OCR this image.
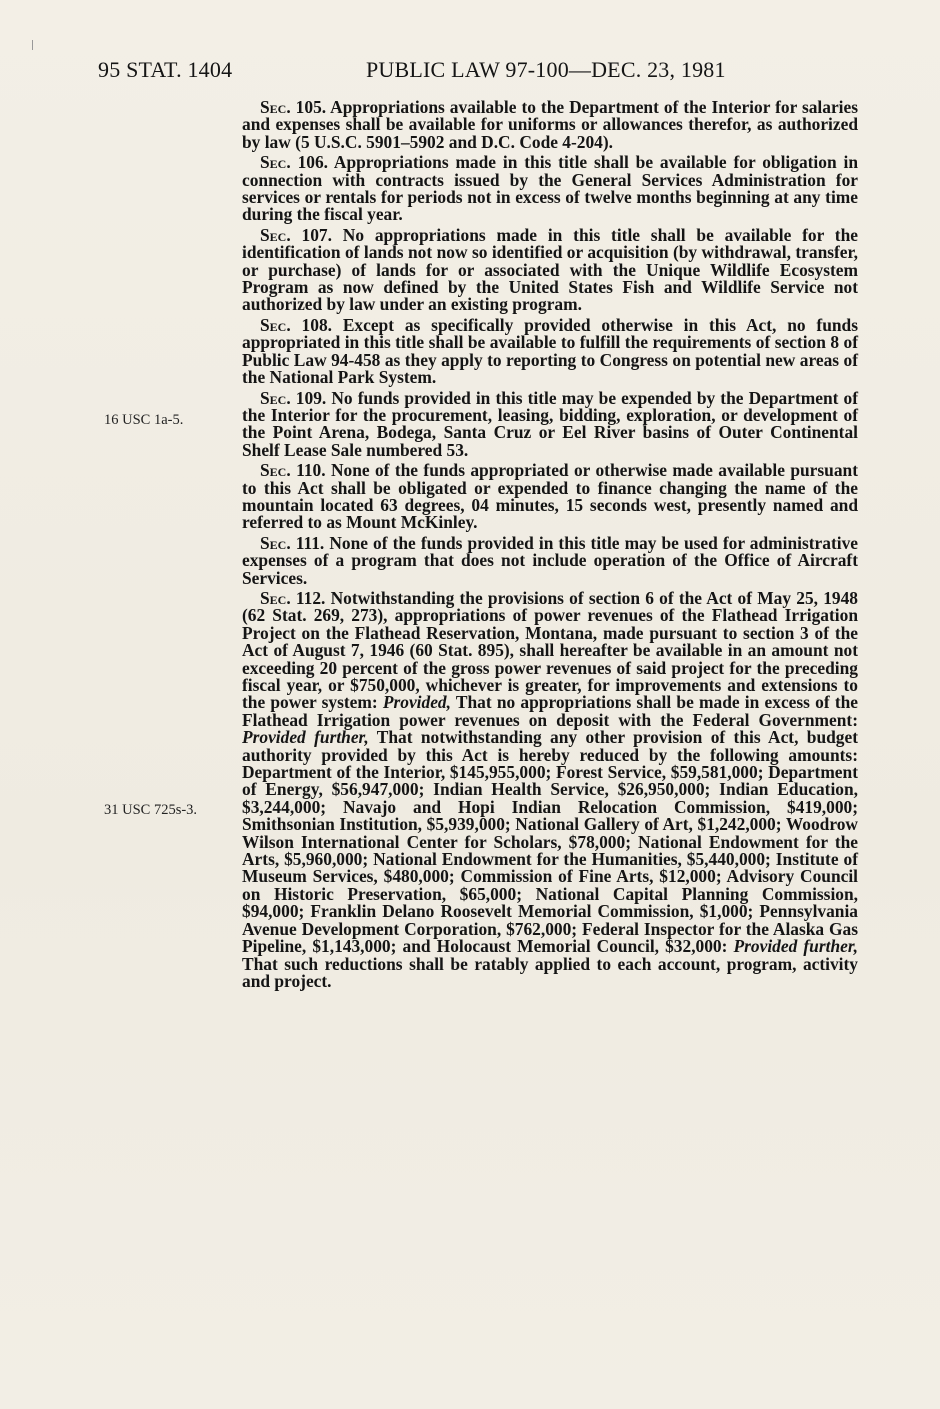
95 STAT. 1404	PUBLIC LAW 97-100—DEC. 23, 1981
16 USC 1a-5.
31 USC 725s-3.

Sec. 105. Appropriations available to the Department of the Interior for salaries and expenses shall be available for uniforms or allowances therefor, as authorized by law (5 U.S.C. 5901–5902 and D.C. Code 4-204).

Sec. 106. Appropriations made in this title shall be available for obligation in connection with contracts issued by the General Services Administration for services or rentals for periods not in excess of twelve months beginning at any time during the fiscal year.

Sec. 107. No appropriations made in this title shall be available for the identification of lands not now so identified or acquisition (by withdrawal, transfer, or purchase) of lands for or associated with the Unique Wildlife Ecosystem Program as now defined by the United States Fish and Wildlife Service not authorized by law under an existing program.

Sec. 108. Except as specifically provided otherwise in this Act, no funds appropriated in this title shall be available to fulfill the requirements of section 8 of Public Law 94-458 as they apply to reporting to Congress on potential new areas of the National Park System.

Sec. 109. No funds provided in this title may be expended by the Department of the Interior for the procurement, leasing, bidding, exploration, or development of the Point Arena, Bodega, Santa Cruz or Eel River basins of Outer Continental Shelf Lease Sale numbered 53.

Sec. 110. None of the funds appropriated or otherwise made available pursuant to this Act shall be obligated or expended to finance changing the name of the mountain located 63 degrees, 04 minutes, 15 seconds west, presently named and referred to as Mount McKinley.

Sec. 111. None of the funds provided in this title may be used for administrative expenses of a program that does not include operation of the Office of Aircraft Services.

Sec. 112. Notwithstanding the provisions of section 6 of the Act of May 25, 1948 (62 Stat. 269, 273), appropriations of power revenues of the Flathead Irrigation Project on the Flathead Reservation, Montana, made pursuant to section 3 of the Act of August 7, 1946 (60 Stat. 895), shall hereafter be available in an amount not exceeding 20 percent of the gross power revenues of said project for the preceding fiscal year, or $750,000, whichever is greater, for improvements and extensions to the power system: Provided, That no appropriations shall be made in excess of the Flathead Irrigation power revenues on deposit with the Federal Government: Provided further, That notwithstanding any other provision of this Act, budget authority provided by this Act is hereby reduced by the following amounts: Department of the Interior, $145,955,000; Forest Service, $59,581,000; Department of Energy, $56,947,000; Indian Health Service, $26,950,000; Indian Education, $3,244,000; Navajo and Hopi Indian Relocation Commission, $419,000; Smithsonian Institution, $5,939,000; National Gallery of Art, $1,242,000; Woodrow Wilson International Center for Scholars, $78,000; National Endowment for the Arts, $5,960,000; National Endowment for the Humanities, $5,440,000; Institute of Museum Services, $480,000; Commission of Fine Arts, $12,000; Advisory Council on Historic Preservation, $65,000; National Capital Planning Commission, $94,000; Franklin Delano Roosevelt Memorial Commission, $1,000; Pennsylvania Avenue Development Corporation, $762,000; Federal Inspector for the Alaska Gas Pipeline, $1,143,000; and Holocaust Memorial Council, $32,000: Provided further, That such reductions shall be ratably applied to each account, program, activity and project.
